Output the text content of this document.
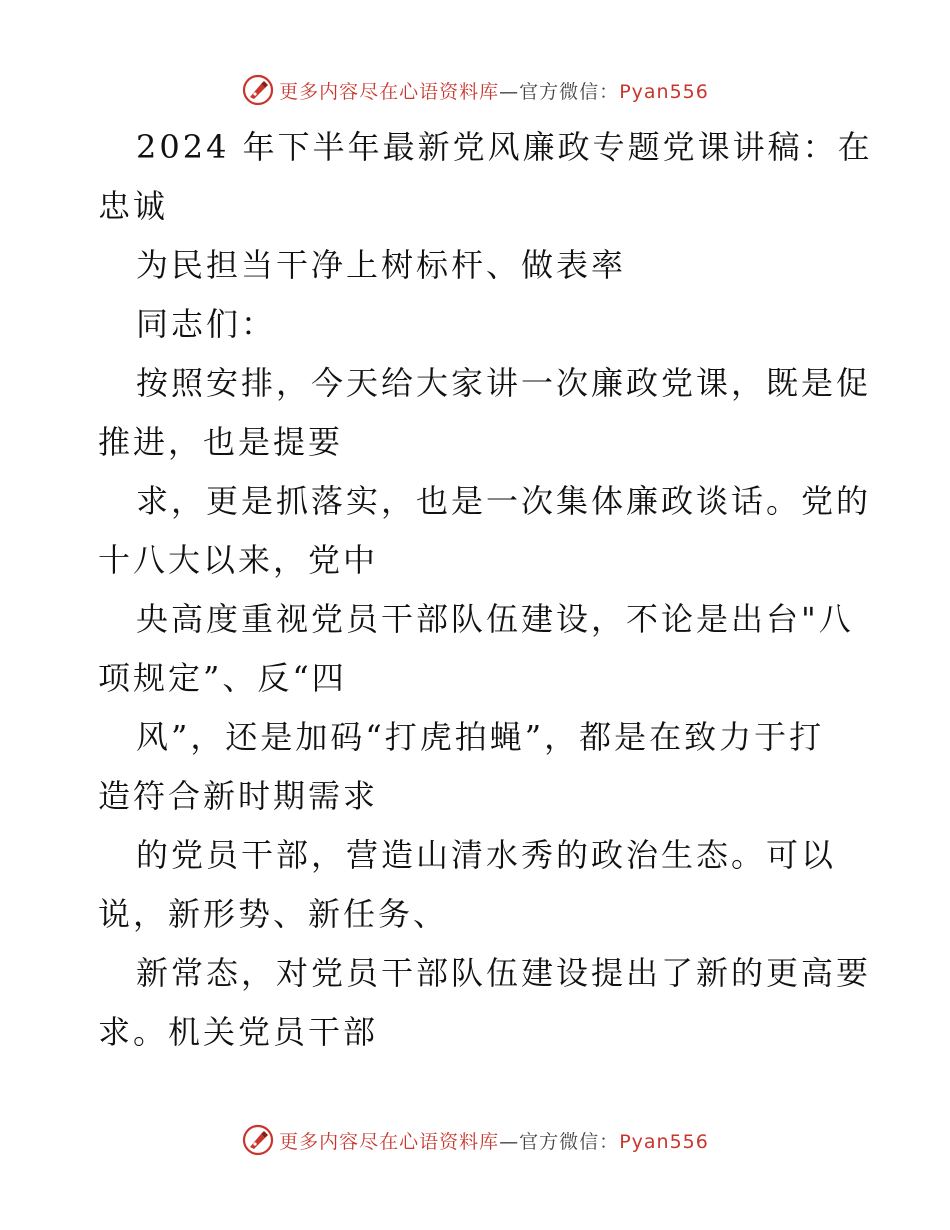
更多内容尽在心语资料库—官方微信：Pyan556
2024 年下半年最新党风廉政专题党课讲稿：在
忠诚
为民担当干净上树标杆、做表率
同志们：
按照安排，今天给大家讲一次廉政党课，既是促
推进，也是提要
求，更是抓落实，也是一次集体廉政谈话。党的
十八大以来，党中
央高度重视党员干部队伍建设，不论是出台"八
项规定”、反“四
风”，还是加码“打虎拍蝇”，都是在致力于打
造符合新时期需求
的党员干部，营造山清水秀的政治生态。可以
说，新形势、新任务、
新常态，对党员干部队伍建设提出了新的更高要
求。机关党员干部
更多内容尽在心语资料库—官方微信：Pyan556
